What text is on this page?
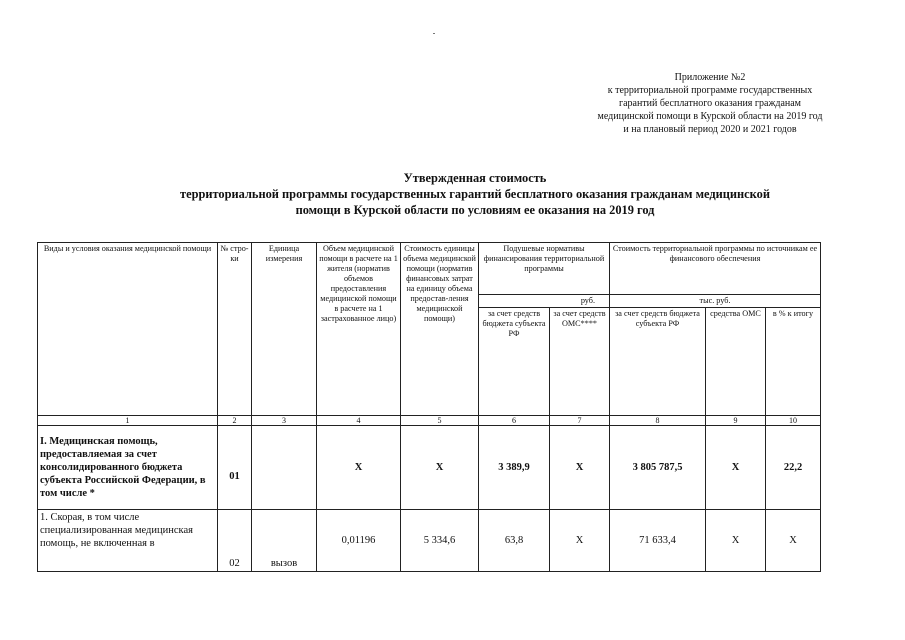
Приложение №2
к территориальной программе государственных
гарантий бесплатного оказания гражданам
медицинской помощи в Курской области на 2019 год
и на плановый период 2020 и 2021 годов
Утвержденная стоимость
территориальной программы государственных гарантий бесплатного оказания гражданам медицинской
помощи в Курской области по условиям ее оказания на 2019 год
Виды и условия оказания медицинской помощи	№ стро-ки	Единица измерения	Объем медицинской помощи в расчете на 1 жителя (норматив объемов предоставления медицинской помощи в расчете на 1 застрахованное лицо)	Стоимость единицы объема медицинской помощи (норматив финансовых затрат на единицу объема предостав-ления медицинской помощи)	Подушевые нормативы финансирования территориальной программы		Стоимость территориальной программы по источникам ее финансового обеспечения		
					руб.		тыс. руб.		
					за счет средств бюджета субъекта РФ	за счет средств ОМС****	за счет средств бюджета субъекта РФ	средства ОМС	в % к итогу
1	2	3	4	5	6	7	8	9	10
I. Медицинская помощь, предоставляемая за счет консолидированного бюджета субъекта Российской Федерации, в том числе *	01		X	X	3 389,9	X	3 805 787,5	X	22,2
1. Скорая, в том числе специализированная медицинская помощь, не включенная в	02	вызов	0,01196	5 334,6	63,8	X	71 633,4	X	X
